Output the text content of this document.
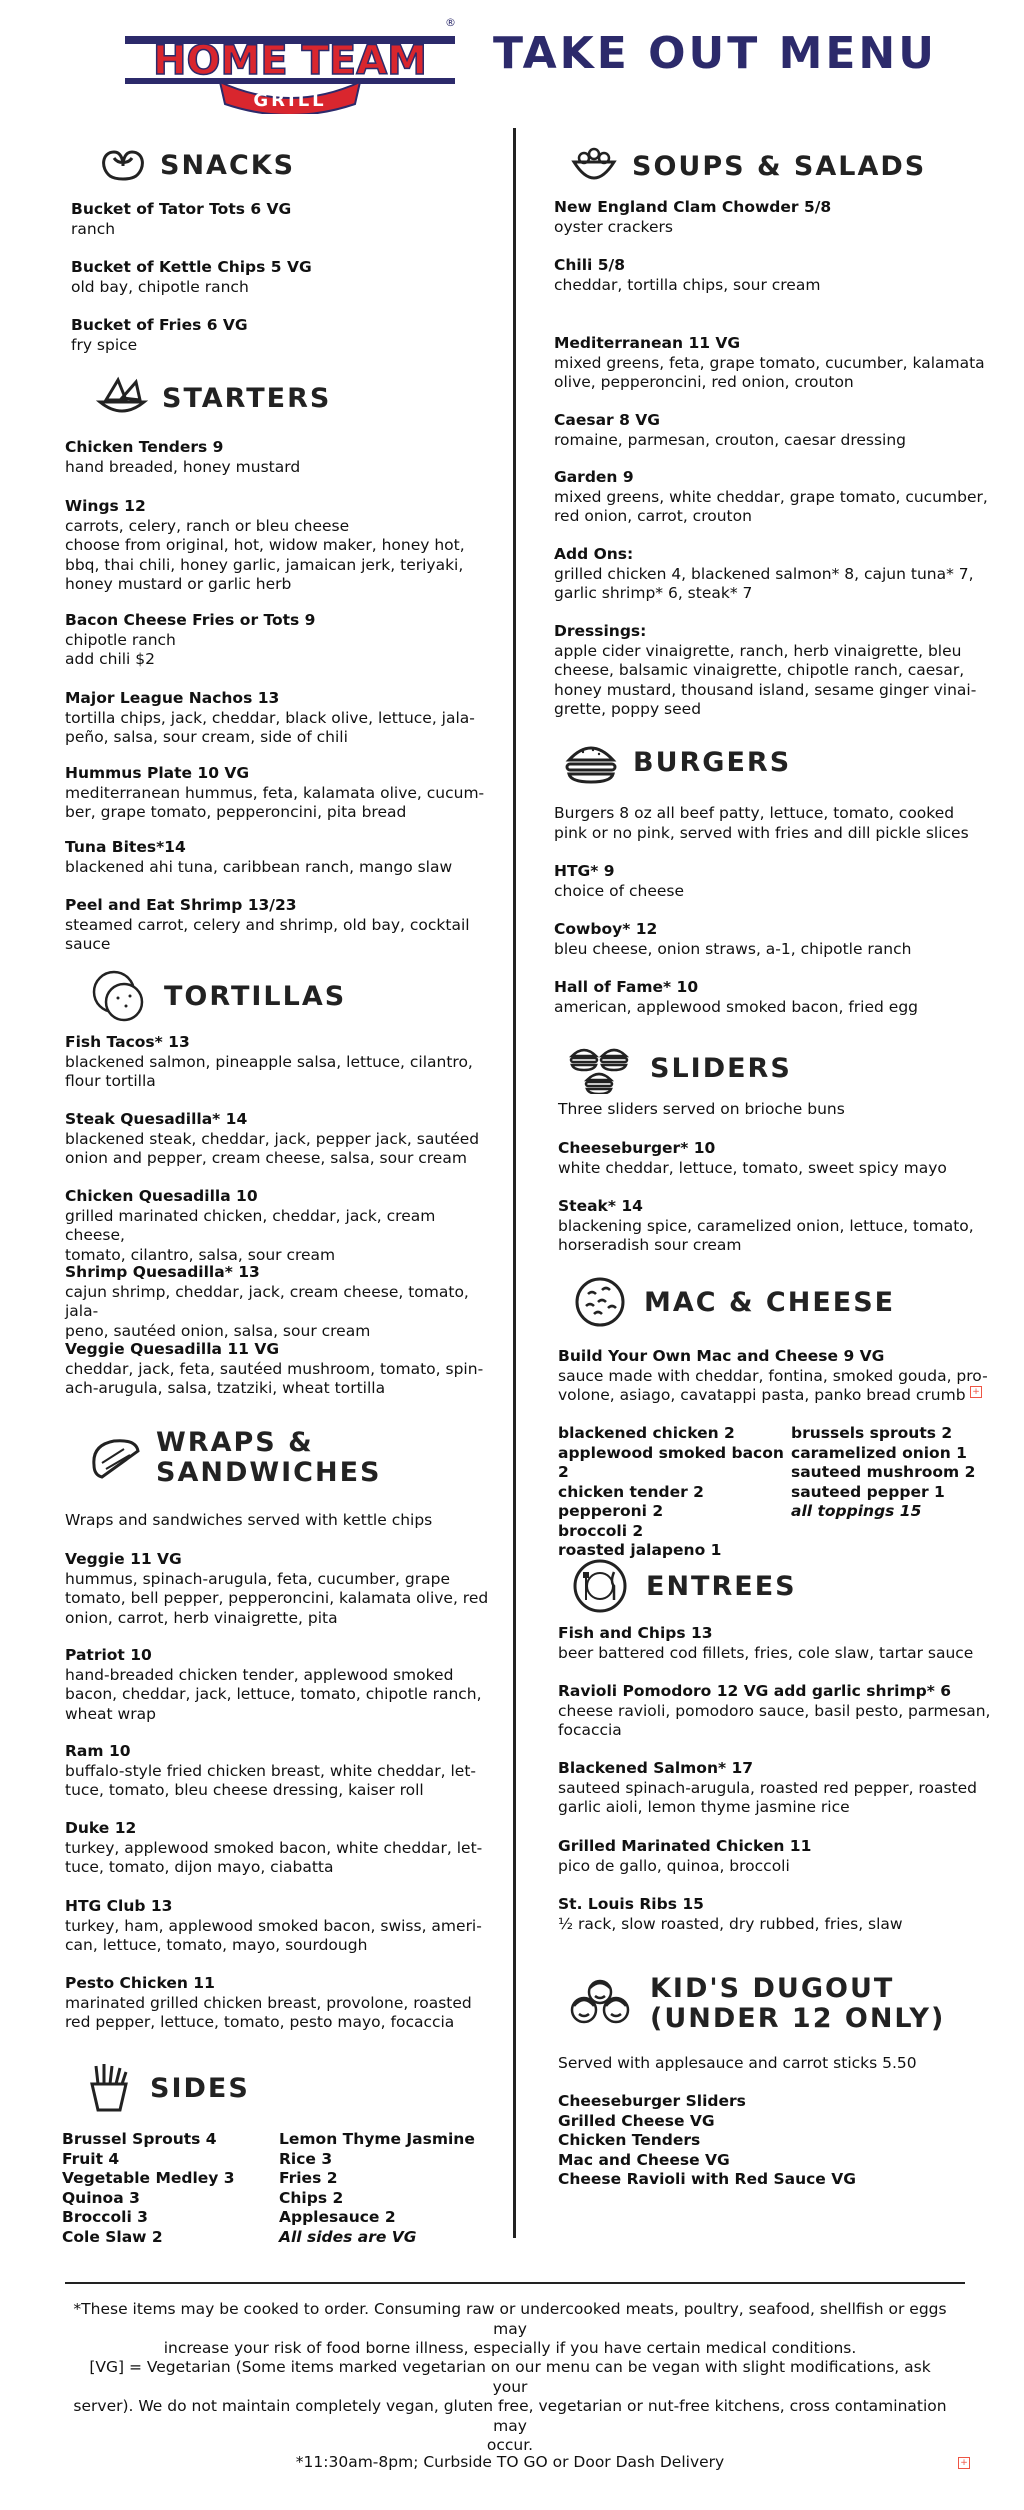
HOME TEAM
GRILL
®
TAKE OUT MENU
SNACKS
Bucket of Tator Tots 6 VG
ranch
Bucket of Kettle Chips 5 VG
old bay, chipotle ranch
Bucket of Fries 6 VG
fry spice
STARTERS
Chicken Tenders 9
hand breaded, honey mustard
Wings 12
carrots, celery, ranch or bleu cheese
choose from original, hot, widow maker, honey hot,
bbq, thai chili, honey garlic, jamaican jerk, teriyaki,
honey mustard or garlic herb
Bacon Cheese Fries or Tots 9
chipotle ranch
add chili $2
Major League Nachos 13
tortilla chips, jack, cheddar, black olive, lettuce, jala-
peño, salsa, sour cream, side of chili
Hummus Plate 10 VG
mediterranean hummus, feta, kalamata olive, cucum-
ber, grape tomato, pepperoncini, pita bread
Tuna Bites*14
blackened ahi tuna, caribbean ranch, mango slaw
Peel and Eat Shrimp 13/23
steamed carrot, celery and shrimp, old bay, cocktail
sauce
TORTILLAS
Fish Tacos* 13
blackened salmon, pineapple salsa, lettuce, cilantro,
flour tortilla
Steak Quesadilla* 14
blackened steak, cheddar, jack, pepper jack, sautéed
onion and pepper, cream cheese, salsa, sour cream
Chicken Quesadilla 10
grilled marinated chicken, cheddar, jack, cream cheese,
tomato, cilantro, salsa, sour cream
Shrimp Quesadilla* 13
cajun shrimp, cheddar, jack, cream cheese, tomato, jala-
peno, sautéed onion, salsa, sour cream
Veggie Quesadilla 11 VG
cheddar, jack, feta, sautéed mushroom, tomato, spin-
ach-arugula, salsa, tzatziki, wheat tortilla
WRAPS &
SANDWICHES
Wraps and sandwiches served with kettle chips
Veggie 11 VG
hummus, spinach-arugula, feta, cucumber, grape
tomato, bell pepper, pepperoncini, kalamata olive, red
onion, carrot, herb vinaigrette, pita
Patriot 10
hand-breaded chicken tender, applewood smoked
bacon, cheddar, jack, lettuce, tomato, chipotle ranch,
wheat wrap
Ram 10
buffalo-style fried chicken breast, white cheddar, let-
tuce, tomato, bleu cheese dressing, kaiser roll
Duke 12
turkey, applewood smoked bacon, white cheddar, let-
tuce, tomato, dijon mayo, ciabatta
HTG Club 13
turkey, ham, applewood smoked bacon, swiss, ameri-
can, lettuce, tomato, mayo, sourdough
Pesto Chicken 11
marinated grilled chicken breast, provolone, roasted
red pepper, lettuce, tomato, pesto mayo, focaccia
SIDES
Brussel Sprouts 4
Fruit 4
Vegetable Medley 3
Quinoa 3
Broccoli 3
Cole Slaw 2
Lemon Thyme Jasmine Rice 3
Fries 2
Chips 2
Applesauce 2
All sides are VG
SOUPS & SALADS
New England Clam Chowder 5/8
oyster crackers
Chili 5/8
cheddar, tortilla chips, sour cream
Mediterranean 11 VG
mixed greens, feta, grape tomato, cucumber, kalamata
olive, pepperoncini, red onion, crouton
Caesar 8 VG
romaine, parmesan, crouton, caesar dressing
Garden 9
mixed greens, white cheddar, grape tomato, cucumber,
red onion, carrot, crouton
Add Ons:
grilled chicken 4, blackened salmon* 8, cajun tuna* 7,
garlic shrimp* 6, steak* 7
Dressings:
apple cider vinaigrette, ranch, herb vinaigrette, bleu
cheese, balsamic vinaigrette, chipotle ranch, caesar,
honey mustard, thousand island, sesame ginger vinai-
grette, poppy seed
BURGERS
Burgers 8 oz all beef patty, lettuce, tomato, cooked
pink or no pink, served with fries and dill pickle slices
HTG* 9
choice of cheese
Cowboy* 12
bleu cheese, onion straws, a-1, chipotle ranch
Hall of Fame* 10
american, applewood smoked bacon, fried egg
SLIDERS
Three sliders served on brioche buns
Cheeseburger* 10
white cheddar, lettuce, tomato, sweet spicy mayo
Steak* 14
blackening spice, caramelized onion, lettuce, tomato,
horseradish sour cream
MAC & CHEESE
Build Your Own Mac and Cheese 9 VG
sauce made with cheddar, fontina, smoked gouda, pro-
volone, asiago, cavatappi pasta, panko bread crumb +
blackened chicken 2
applewood smoked bacon 2
chicken tender 2
pepperoni 2
broccoli 2
roasted jalapeno 1
brussels sprouts 2
caramelized onion 1
sauteed mushroom 2
sauteed pepper 1
all toppings 15
ENTREES
Fish and Chips 13
beer battered cod fillets, fries, cole slaw, tartar sauce
Ravioli Pomodoro 12 VG add garlic shrimp* 6
cheese ravioli, pomodoro sauce, basil pesto, parmesan,
focaccia
Blackened Salmon* 17
sauteed spinach-arugula, roasted red pepper, roasted
garlic aioli, lemon thyme jasmine rice
Grilled Marinated Chicken 11
pico de gallo, quinoa, broccoli
St. Louis Ribs 15
½ rack, slow roasted, dry rubbed, fries, slaw
KID'S DUGOUT
(UNDER 12 ONLY)
Served with applesauce and carrot sticks 5.50
Cheeseburger Sliders
Grilled Cheese VG
Chicken Tenders
Mac and Cheese VG
Cheese Ravioli with Red Sauce VG
*These items may be cooked to order. Consuming raw or undercooked meats, poultry, seafood, shellfish or eggs may
increase your risk of food borne illness, especially if you have certain medical conditions.
[VG] = Vegetarian (Some items marked vegetarian on our menu can be vegan with slight modifications, ask your
server). We do not maintain completely vegan, gluten free, vegetarian or nut-free kitchens, cross contamination may
occur.
*11:30am-8pm; Curbside TO GO or Door Dash Delivery	+
